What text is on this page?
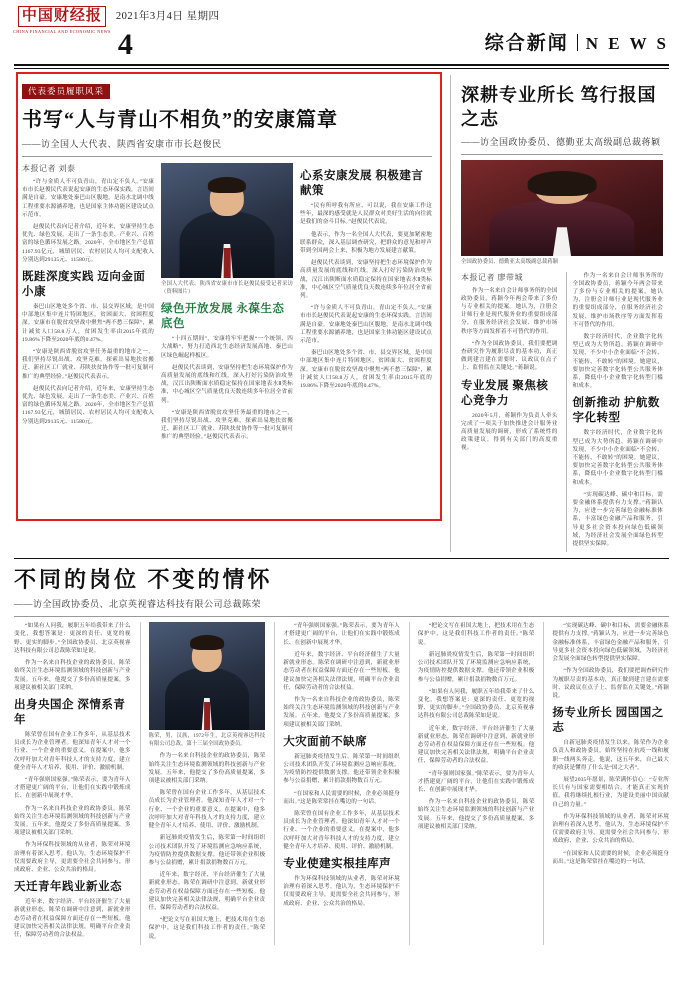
中国财经报
CHINA FINANCIAL AND ECONOMIC NEWS
2021年3月4日 星期四
4	综合新闻 N E W S
代表委员履职风采
书写“人与青山不相负”的安康篇章
——访全国人大代表、陕西省安康市市长赵俊民
本报记者 刘泰

“许与金质人不可负青山，青山定不负人。”安康市市长赵俊民代表说起安康的生态环保实践，言语间满是自豪。安康地处秦巴山区腹地，是南水北调中线工程重要水源涵养地，也是国家主体功能区建设试点示范市。

赵俊民代表向记者介绍，近年来，安康坚持生态优先、绿色发展，走出了一条生态美、产业兴、百姓富的绿色循环发展之路。2020年，全市地区生产总值1167.93亿元，城镇居民、农村居民人均可支配收入分别达到29135元、11580元。

既跬深度实践 迈向金面小康

秦巴山区地处多个省、市、县交界区域，是中国中部地区集中连片特困地区，贫困面大、贫困程度深。安康市在脱贫攻坚战中聚焦“两不愁三保障”，累计减贫人口58.8万人，贫困发生率由2015年底的19.86%下降至2020年底的0.47%。

“安康是陕西省脱贫攻坚任务最重的地市之一，我们坚持尽锐出战、攻坚克难，探索出易地扶贫搬迁、新社区工厂就业、苏陕扶贫协作等一批可复制可推广的典型经验。”赵俊民代表表示。

赵俊民代表向记者介绍，近年来，安康坚持生态优先、绿色发展，走出了一条生态美、产业兴、百姓富的绿色循环发展之路。2020年，全市地区生产总值1167.93亿元，城镇居民、农村居民人均可支配收入分别达到29135元、11580元。

全国人大代表、陕西省安康市市长赵俊民接受记者采访（资料图片）
绿色开放发展 永葆生态底色

“十四五期间”，安康将牢牢把握“一个统领、四大战略”，努力打造西北生态经济发展高地、秦巴山区绿色崛起样板区。

赵俊民代表谈到，安康坚持把生态环境保护作为高质量发展的底线和红线，深入打好污染防治攻坚战，汉江出陕断面水质稳定保持在国家地表水Ⅱ类标准，中心城区空气质量优良天数连续多年位居全省前列。

“安康是陕西省脱贫攻坚任务最重的地市之一，我们坚持尽锐出战、攻坚克难，探索出易地扶贫搬迁、新社区工厂就业、苏陕扶贫协作等一批可复制可推广的典型经验。”赵俊民代表表示。

心系安康发展 积极建言献策

“民有所呼我有所应、可以说，我在安康工作这些年，最深的感受就是人民群众对美好生活的向往就是我们的奋斗目标。”赵俊民代表说。

他表示，作为一名全国人大代表，要更加紧密地联系群众，深入基层调查研究，把群众的意见和呼声带到全国两会上来，积极为地方发展建言献策。

赵俊民代表谈到，安康坚持把生态环境保护作为高质量发展的底线和红线，深入打好污染防治攻坚战，汉江出陕断面水质稳定保持在国家地表水Ⅱ类标准，中心城区空气质量优良天数连续多年位居全省前列。

“许与金质人不可负青山，青山定不负人。”安康市市长赵俊民代表说起安康的生态环保实践，言语间满是自豪。安康地处秦巴山区腹地，是南水北调中线工程重要水源涵养地，也是国家主体功能区建设试点示范市。

秦巴山区地处多个省、市、县交界区域，是中国中部地区集中连片特困地区，贫困面大、贫困程度深。安康市在脱贫攻坚战中聚焦“两不愁三保障”，累计减贫人口58.8万人，贫困发生率由2015年底的19.86%下降至2020年底的0.47%。

深耕专业所长 笃行报国之志
——访全国政协委员、德勤亚太高级副总裁蒋颖
全国政协委员、德勤亚太高级副总裁蒋颖
本报记者 廖带城

作为一名来自会计师事务所的全国政协委员，蒋颖今年两会带来了多份与专业相关的提案。她认为，注册会计师行业是现代服务业的重要组成部分，在服务经济社会发展、维护市场秩序等方面发挥着不可替代的作用。

“作为全国政协委员，我们要把调查研究作为履职尽责的基本功，真正做到建言建在需要时、议政议在点子上、监督监在关键处。”蒋颖说。

专业发展 聚焦核心竞争力

2020年5月，蒋颖作为负责人牵头完成了一项关于加快推进会计服务业高质量发展的调研，形成了系统性的政策建议，得到有关部门的高度重视。

作为一名来自会计师事务所的全国政协委员，蒋颖今年两会带来了多份与专业相关的提案。她认为，注册会计师行业是现代服务业的重要组成部分，在服务经济社会发展、维护市场秩序等方面发挥着不可替代的作用。

数字经济时代，企业数字化转型已成为大势所趋。蒋颖在调研中发现，不少中小企业面临“不会转、不能转、不敢转”的困境。她建议，要加快完善数字化转型公共服务体系，降低中小企业数字化转型门槛和成本。

创新推动 护航数字化转型

数字经济时代，企业数字化转型已成为大势所趋。蒋颖在调研中发现，不少中小企业面临“不会转、不能转、不敢转”的困境。她建议，要加快完善数字化转型公共服务体系，降低中小企业数字化转型门槛和成本。

“实现碳达峰、碳中和目标，需要金融体系提供有力支撑。”蒋颖认为，应进一步完善绿色金融标准体系，丰富绿色金融产品和服务，引导更多社会资本投向绿色低碳领域，为经济社会发展全面绿色转型提供坚实保障。

不同的岗位 不变的情怀
——访全国政协委员、北京英视睿达科技有限公司总裁陈荣

“如果有人问我，履职五年给我带来了什么变化，我想答案是：更深的责任、更宽的视野、更实的脚步。”全国政协委员、北京英视睿达科技有限公司总裁陈荣如是说。

作为一名来自科技企业的政协委员，陈荣始终关注生态环境监测领域的科技创新与产业发展。五年来，他提交了多份高质量提案，多项建议被相关部门采纳。

出身央国企 深情系青年

陈荣曾在国有企业工作多年，从基层技术员成长为企业管理者。他深知青年人才对一个行业、一个企业的重要意义。在提案中，他多次呼吁加大对青年科技人才的支持力度，建立健全青年人才培养、使用、评价、激励机制。

“青年强则国家强。”陈荣表示，要为青年人才搭建更广阔的平台，让他们在实践中锻炼成长、在创新中展现才华。

作为一名来自科技企业的政协委员，陈荣始终关注生态环境监测领域的科技创新与产业发展。五年来，他提交了多份高质量提案，多项建议被相关部门采纳。

作为环保科技领域的从业者，陈荣对环境治理有着深入思考。他认为，生态环境保护不仅需要政府主导，更需要全社会共同参与，形成政府、企业、公众共治的格局。

天迁青年践业新业态

近年来，数字经济、平台经济催生了大量新就业形态。陈荣在调研中注意到，新就业形态劳动者在权益保障方面还存在一些短板。他建议加快完善相关法律法规，明确平台企业责任，保障劳动者的合法权益。

陈荣，男，汉族，1972年生，北京英视睿达科技有限公司总裁，第十三届全国政协委员。

作为一名来自科技企业的政协委员，陈荣始终关注生态环境监测领域的科技创新与产业发展。五年来，他提交了多份高质量提案，多项建议被相关部门采纳。

陈荣曾在国有企业工作多年，从基层技术员成长为企业管理者。他深知青年人才对一个行业、一个企业的重要意义。在提案中，他多次呼吁加大对青年科技人才的支持力度，建立健全青年人才培养、使用、评价、激励机制。

新冠肺炎疫情发生后，陈荣第一时间组织公司技术团队开发了环境监测应急响应系统，为疫情防控提供数据支撑。他还带领企业积极参与公益捐赠，累计捐款捐物数百万元。

近年来，数字经济、平台经济催生了大量新就业形态。陈荣在调研中注意到，新就业形态劳动者在权益保障方面还存在一些短板。他建议加快完善相关法律法规，明确平台企业责任，保障劳动者的合法权益。

“把论文写在祖国大地上，把技术用在生态保护中，这是我们科技工作者的责任。”陈荣说。

“青年强则国家强。”陈荣表示，要为青年人才搭建更广阔的平台，让他们在实践中锻炼成长、在创新中展现才华。

近年来，数字经济、平台经济催生了大量新就业形态。陈荣在调研中注意到，新就业形态劳动者在权益保障方面还存在一些短板。他建议加快完善相关法律法规，明确平台企业责任，保障劳动者的合法权益。

作为一名来自科技企业的政协委员，陈荣始终关注生态环境监测领域的科技创新与产业发展。五年来，他提交了多份高质量提案，多项建议被相关部门采纳。

大灾面前不缺席

新冠肺炎疫情发生后，陈荣第一时间组织公司技术团队开发了环境监测应急响应系统，为疫情防控提供数据支撑。他还带领企业积极参与公益捐赠，累计捐款捐物数百万元。

“在国家和人民需要的时候，企业必须挺身而出。”这是陈荣常挂在嘴边的一句话。

陈荣曾在国有企业工作多年，从基层技术员成长为企业管理者。他深知青年人才对一个行业、一个企业的重要意义。在提案中，他多次呼吁加大对青年科技人才的支持力度，建立健全青年人才培养、使用、评价、激励机制。

专业使建实根挂库声

作为环保科技领域的从业者，陈荣对环境治理有着深入思考。他认为，生态环境保护不仅需要政府主导，更需要全社会共同参与，形成政府、企业、公众共治的格局。

“把论文写在祖国大地上，把技术用在生态保护中，这是我们科技工作者的责任。”陈荣说。

新冠肺炎疫情发生后，陈荣第一时间组织公司技术团队开发了环境监测应急响应系统，为疫情防控提供数据支撑。他还带领企业积极参与公益捐赠，累计捐款捐物数百万元。

“如果有人问我，履职五年给我带来了什么变化，我想答案是：更深的责任、更宽的视野、更实的脚步。”全国政协委员、北京英视睿达科技有限公司总裁陈荣如是说。

近年来，数字经济、平台经济催生了大量新就业形态。陈荣在调研中注意到，新就业形态劳动者在权益保障方面还存在一些短板。他建议加快完善相关法律法规，明确平台企业责任，保障劳动者的合法权益。

“青年强则国家强。”陈荣表示，要为青年人才搭建更广阔的平台，让他们在实践中锻炼成长、在创新中展现才华。

作为一名来自科技企业的政协委员，陈荣始终关注生态环境监测领域的科技创新与产业发展。五年来，他提交了多份高质量提案，多项建议被相关部门采纳。

“实现碳达峰、碳中和目标，需要金融体系提供有力支撑。”蒋颖认为，应进一步完善绿色金融标准体系，丰富绿色金融产品和服务，引导更多社会资本投向绿色低碳领域，为经济社会发展全面绿色转型提供坚实保障。

“作为全国政协委员，我们要把调查研究作为履职尽责的基本功，真正做到建言建在需要时、议政议在点子上、监督监在关键处。”蒋颖说。

扬专业所长 园国国之志

自新冠肺炎疫情发生以来，陈荣作为企业负责人和政协委员，始终坚持在抗疫一线和履职一线两头奔走。他说，这五年来，自己最大的收获是懂得了什么是“国之大者”。

展望2035年愿景，陈荣满怀信心：“专业所长只有与国家需要相结合，才能真正实现价值。我将继续扎根行业，为建设美丽中国贡献自己的力量。”

作为环保科技领域的从业者，陈荣对环境治理有着深入思考。他认为，生态环境保护不仅需要政府主导，更需要全社会共同参与，形成政府、企业、公众共治的格局。

“在国家和人民需要的时候，企业必须挺身而出。”这是陈荣常挂在嘴边的一句话。
